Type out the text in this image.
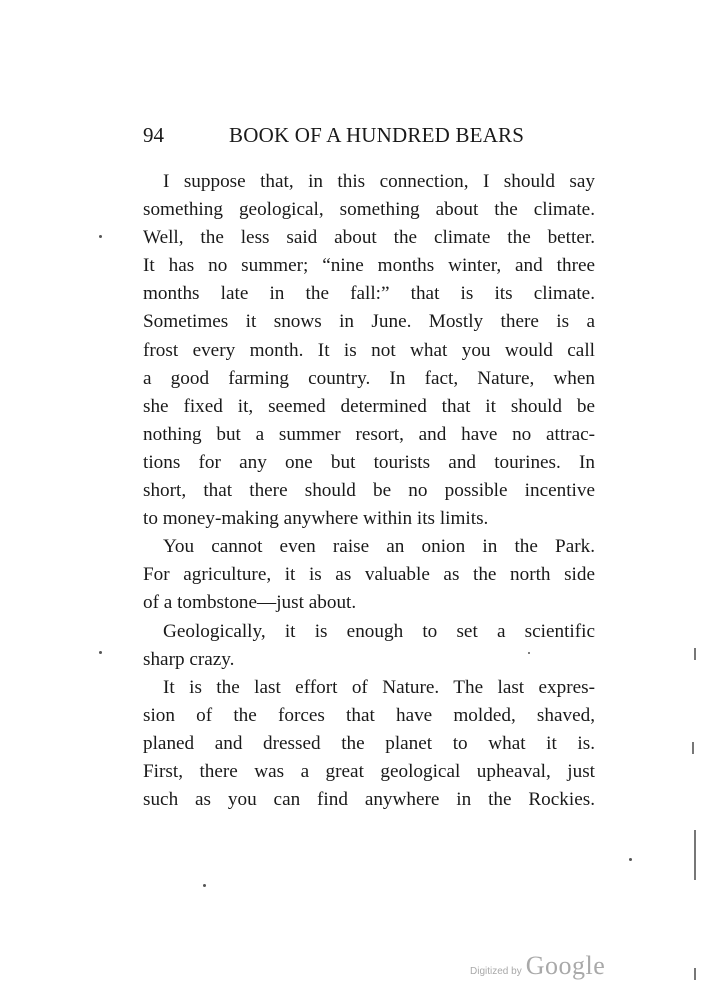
94	BOOK OF A HUNDRED BEARS
I suppose that, in this connection, I should say
something geological, something about the climate.
Well, the less said about the climate the better.
It has no summer; “nine months winter, and three
months late in the fall:” that is its climate.
Sometimes it snows in June. Mostly there is a
frost every month. It is not what you would call
a good farming country. In fact, Nature, when
she fixed it, seemed determined that it should be
nothing but a summer resort, and have no attrac-
tions for any one but tourists and tourines. In
short, that there should be no possible incentive
to money-making anywhere within its limits.
You cannot even raise an onion in the Park.
For agriculture, it is as valuable as the north side
of a tombstone—just about.
Geologically, it is enough to set a scientific
sharp crazy.
It is the last effort of Nature. The last expres-
sion of the forces that have molded, shaved,
planed and dressed the planet to what it is.
First, there was a great geological upheaval, just
such as you can find anywhere in the Rockies.
Digitized by Google
